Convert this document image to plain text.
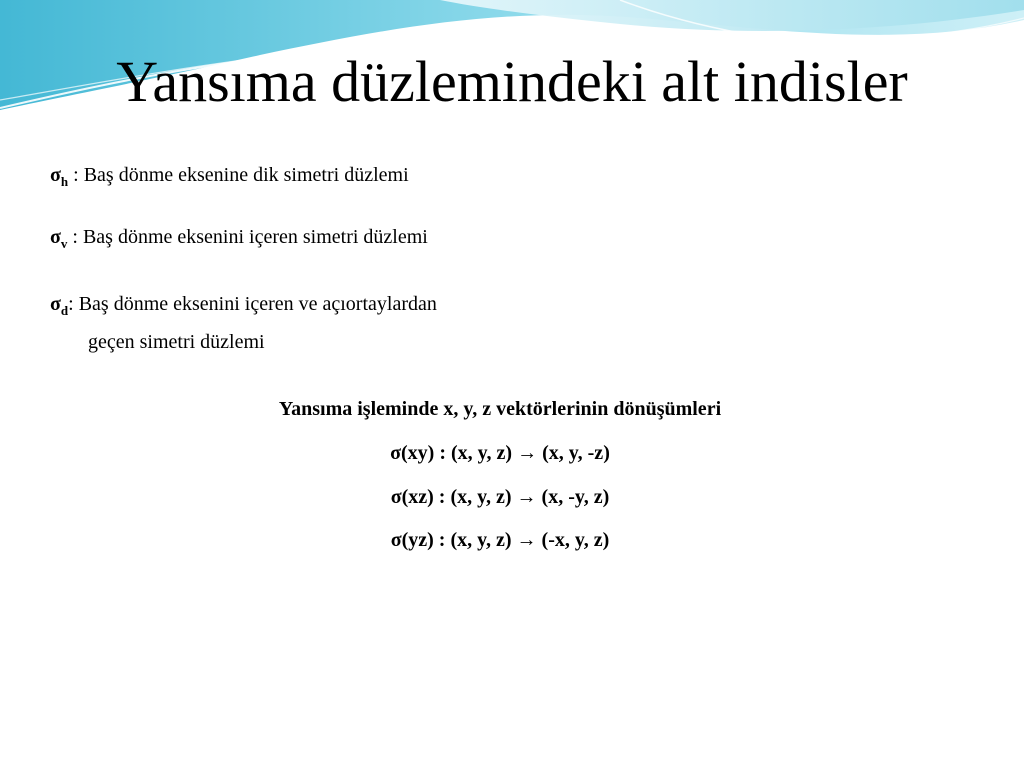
Yansıma düzlemindeki alt indisler
$\sigma_h$ : Baş dönme eksenine dik simetri düzlemi
$\sigma_v$ : Baş dönme eksenini içeren simetri düzlemi
$\sigma_d$: Baş dönme eksenini içeren ve açıortaylardan
geçen simetri düzlemi
Yansıma işleminde x, y, z vektörlerinin dönüşümleri
σ(xy) : (x, y, z) → (x, y, -z)
σ(xz) : (x, y, z) → (x, -y, z)
σ(yz) : (x, y, z) → (-x, y, z)
